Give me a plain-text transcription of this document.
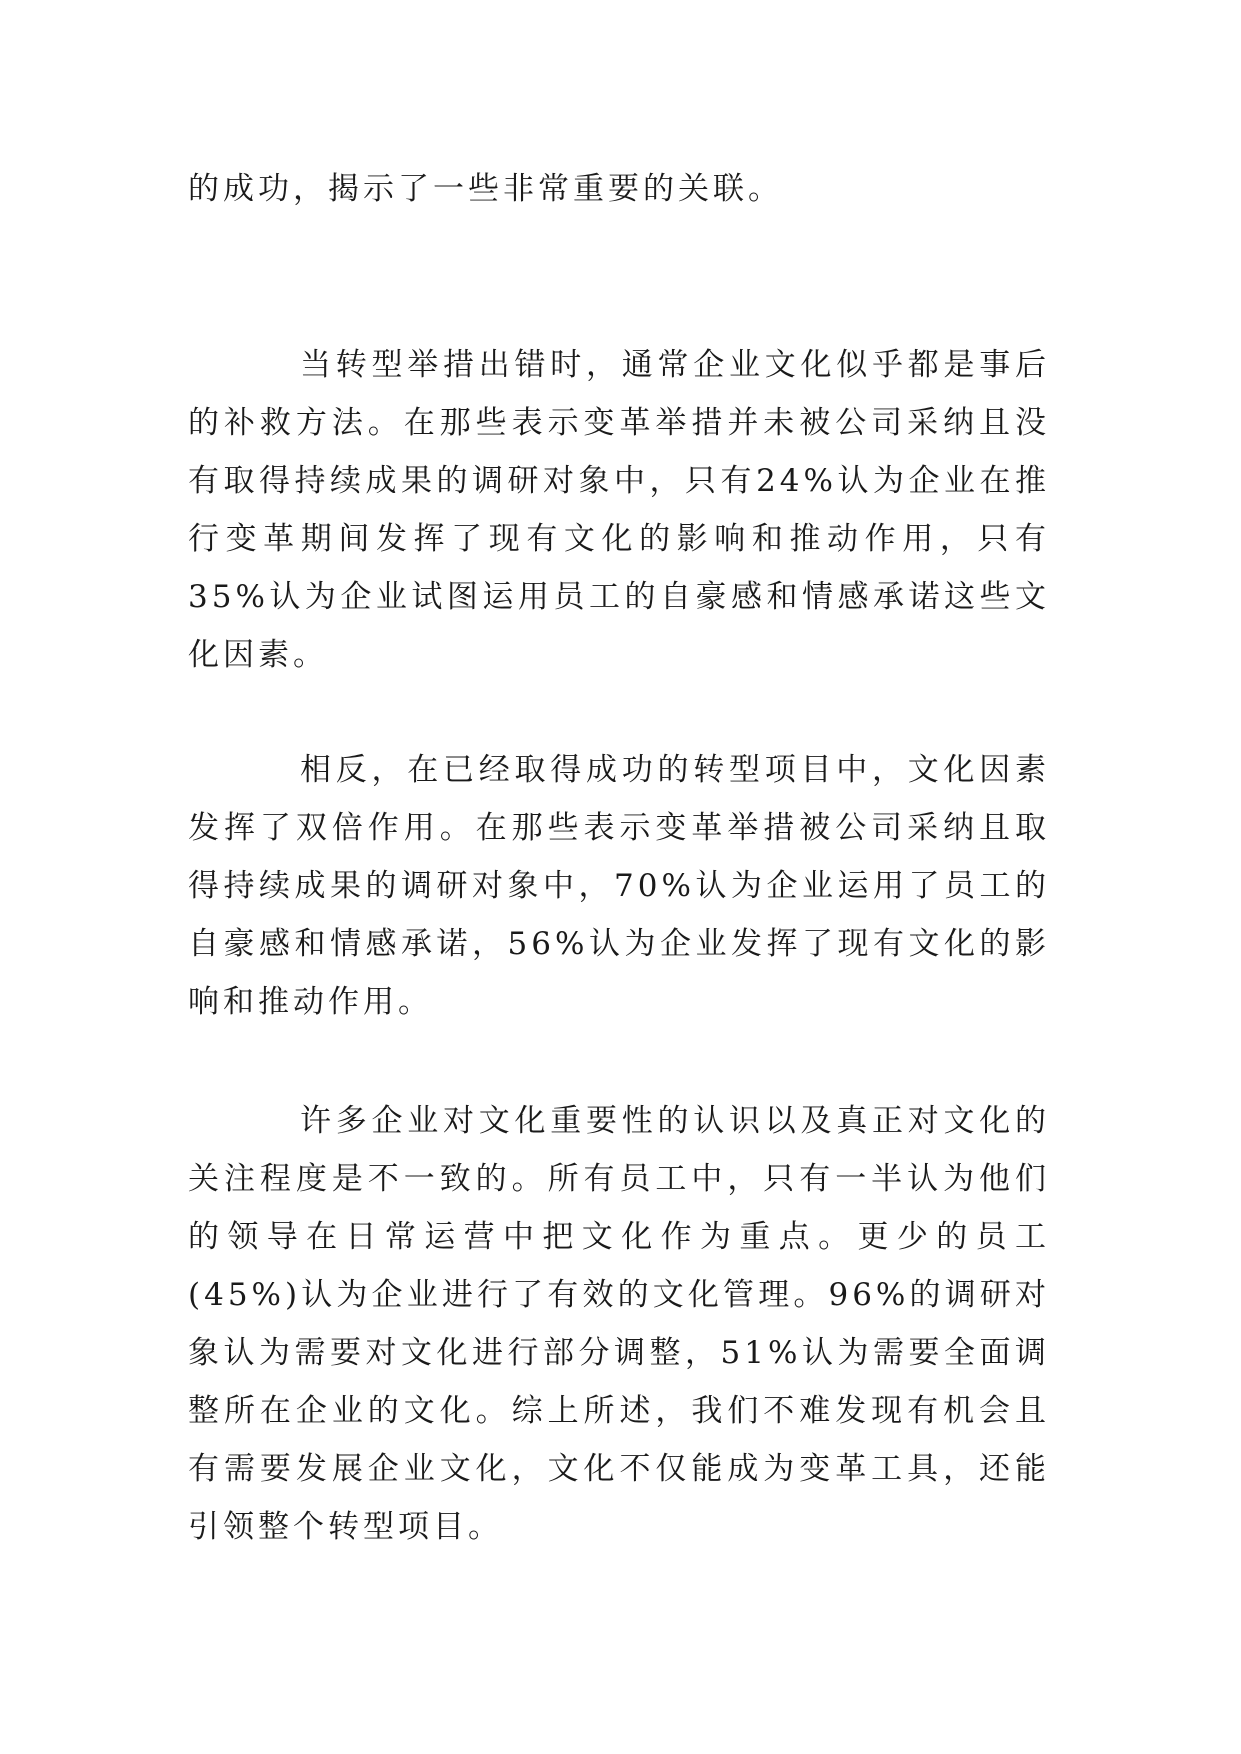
的成功，揭示了一些非常重要的关联。

当转型举措出错时，通常企业文化似乎都是事后的补救方法。在那些表示变革举措并未被公司采纳且没有取得持续成果的调研对象中，只有24%认为企业在推行变革期间发挥了现有文化的影响和推动作用，只有35%认为企业试图运用员工的自豪感和情感承诺这些文化因素。

相反，在已经取得成功的转型项目中，文化因素发挥了双倍作用。在那些表示变革举措被公司采纳且取得持续成果的调研对象中，70%认为企业运用了员工的自豪感和情感承诺，56%认为企业发挥了现有文化的影响和推动作用。

许多企业对文化重要性的认识以及真正对文化的关注程度是不一致的。所有员工中，只有一半认为他们的领导在日常运营中把文化作为重点。更少的员工(45%)认为企业进行了有效的文化管理。96%的调研对象认为需要对文化进行部分调整，51%认为需要全面调整所在企业的文化。综上所述，我们不难发现有机会且有需要发展企业文化，文化不仅能成为变革工具，还能引领整个转型项目。
